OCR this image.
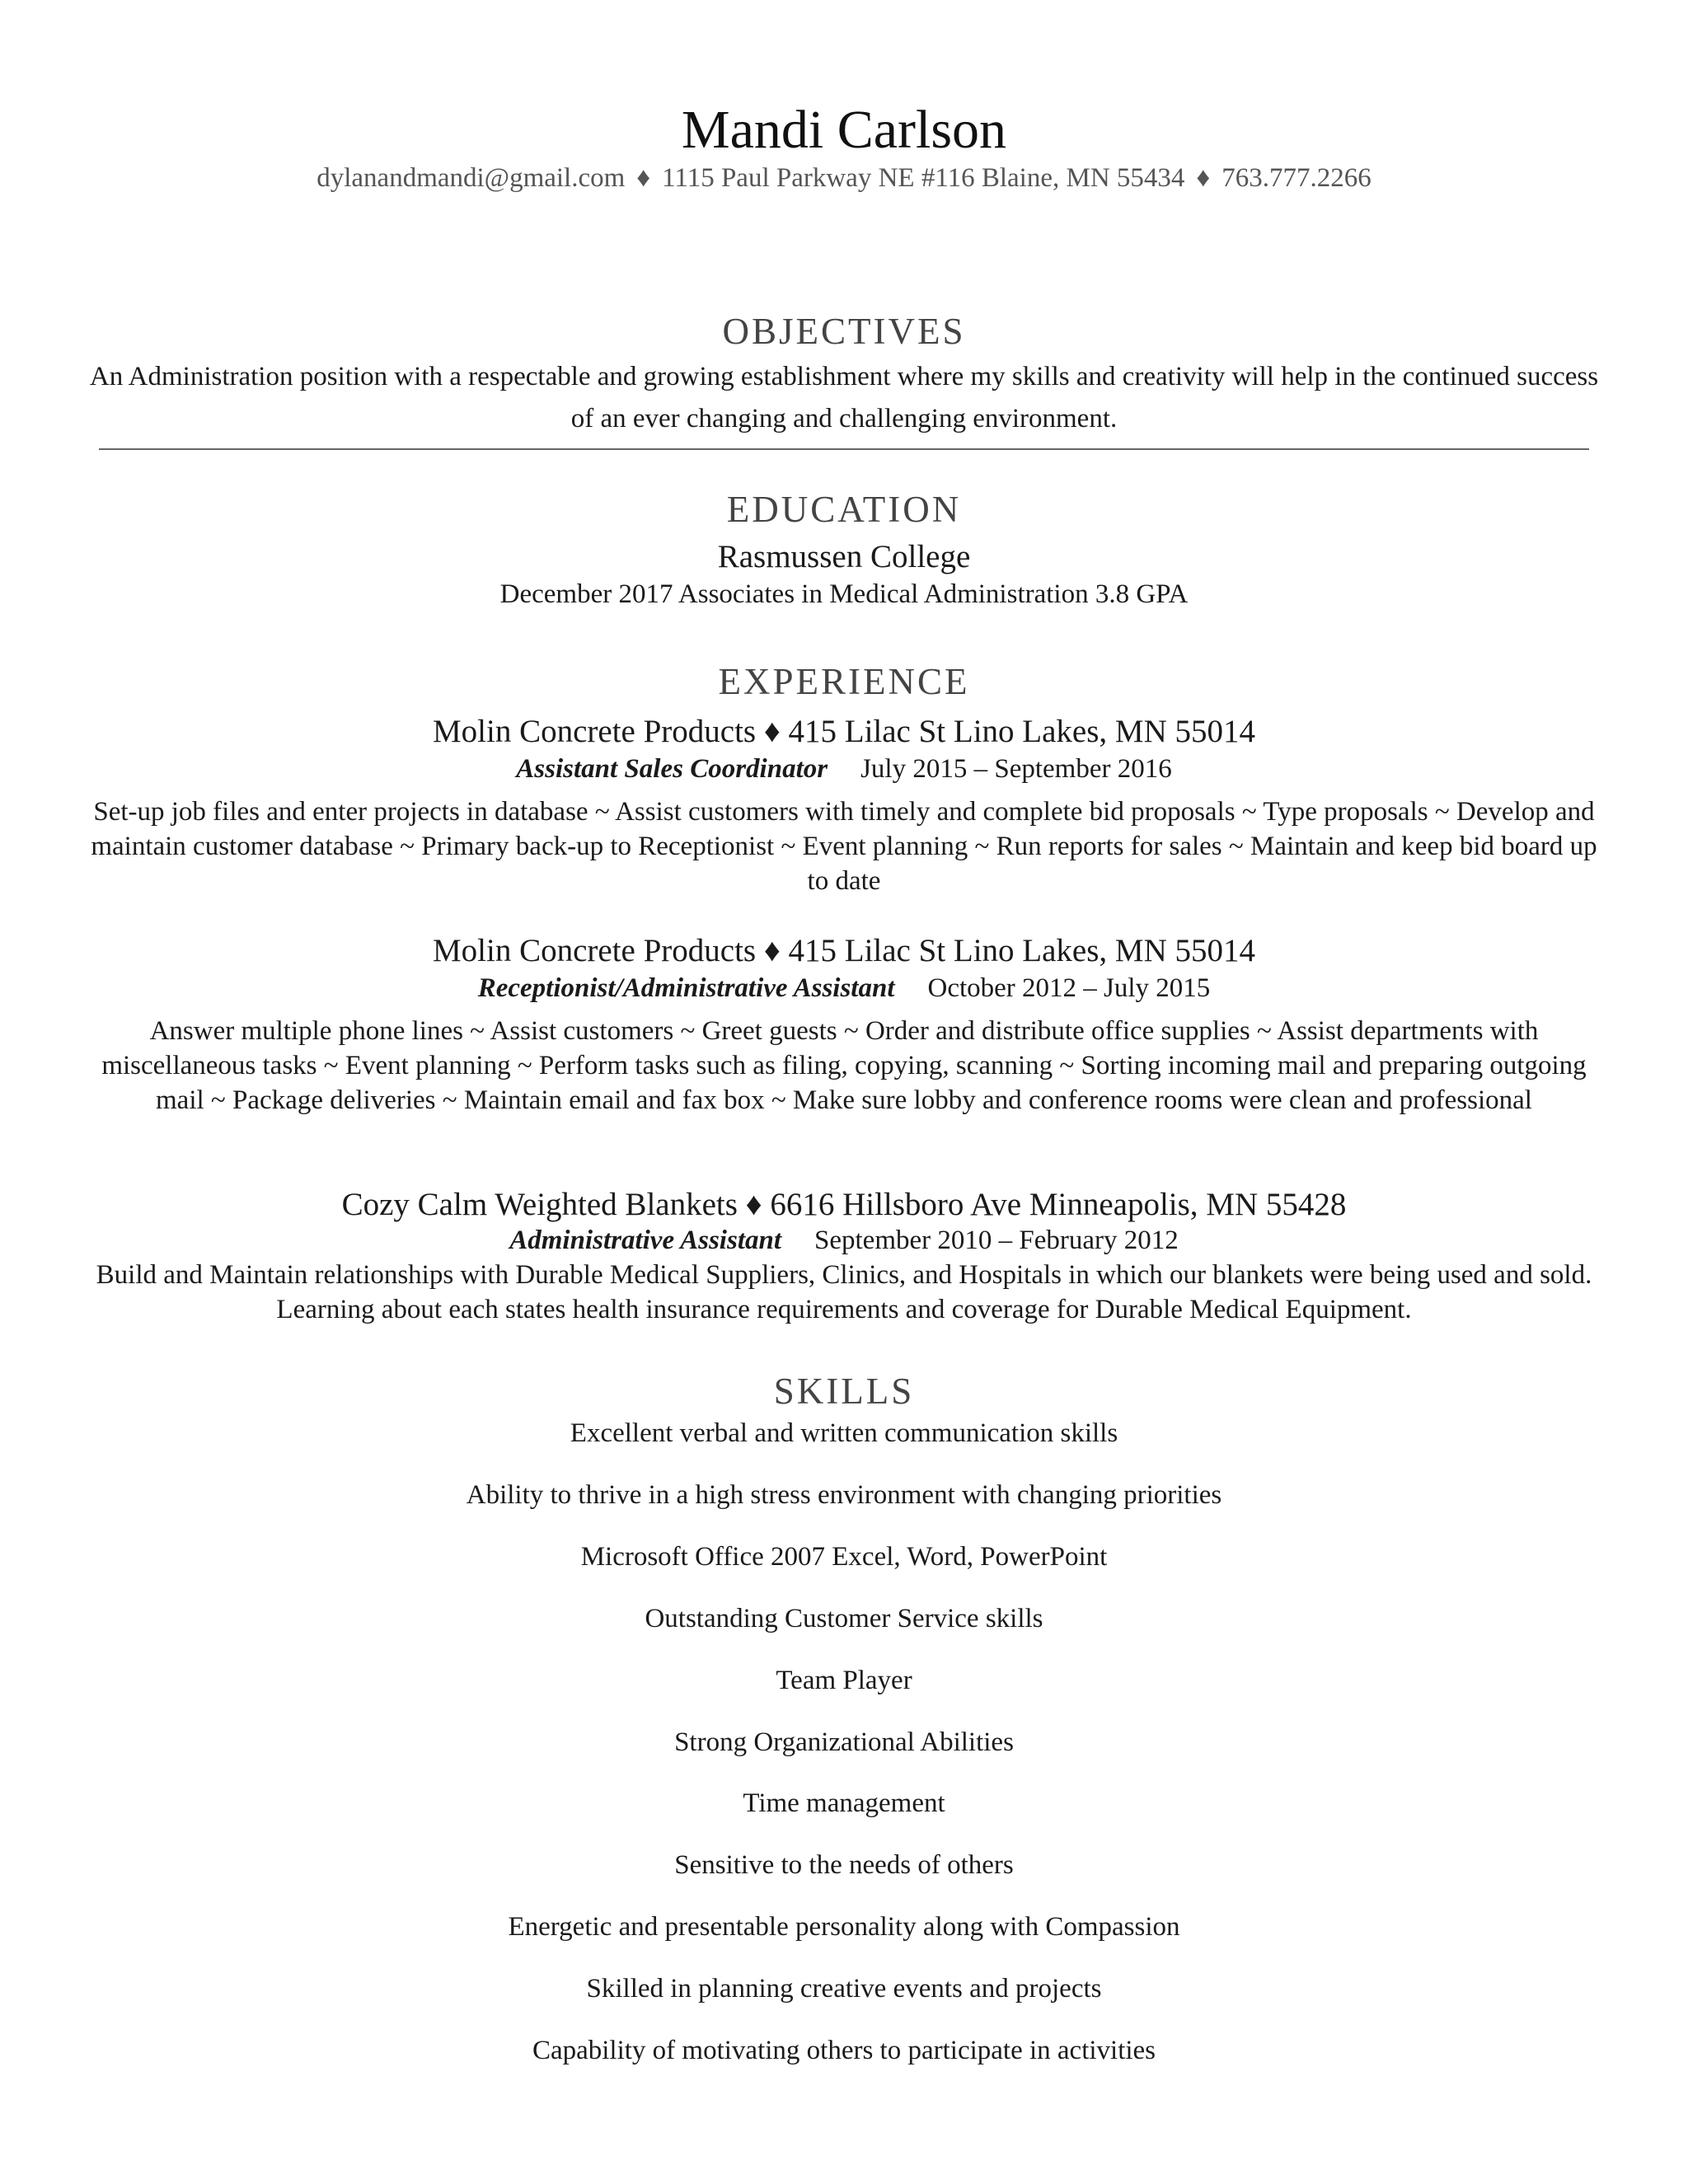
Mandi Carlson
dylanandmandi@gmail.com ♦ 1115 Paul Parkway NE #116 Blaine, MN 55434 ♦ 763.777.2266
OBJECTIVES
An Administration position with a respectable and growing establishment where my skills and creativity will help in the continued success of an ever changing and challenging environment.
EDUCATION
Rasmussen College
December 2017 Associates in Medical Administration 3.8 GPA
EXPERIENCE
Molin Concrete Products ♦ 415 Lilac St Lino Lakes, MN 55014
Assistant Sales Coordinator July 2015 – September 2016
Set-up job files and enter projects in database ~ Assist customers with timely and complete bid proposals ~ Type proposals ~ Develop and maintain customer database ~ Primary back-up to Receptionist ~ Event planning ~ Run reports for sales ~ Maintain and keep bid board up to date
Molin Concrete Products ♦ 415 Lilac St Lino Lakes, MN 55014
Receptionist/Administrative Assistant October 2012 – July 2015
Answer multiple phone lines ~ Assist customers ~ Greet guests ~ Order and distribute office supplies ~ Assist departments with miscellaneous tasks ~ Event planning ~ Perform tasks such as filing, copying, scanning ~ Sorting incoming mail and preparing outgoing mail ~ Package deliveries ~ Maintain email and fax box ~ Make sure lobby and conference rooms were clean and professional
Cozy Calm Weighted Blankets ♦ 6616 Hillsboro Ave Minneapolis, MN 55428
Administrative Assistant September 2010 – February 2012
Build and Maintain relationships with Durable Medical Suppliers, Clinics, and Hospitals in which our blankets were being used and sold. Learning about each states health insurance requirements and coverage for Durable Medical Equipment.
SKILLS
Excellent verbal and written communication skills
Ability to thrive in a high stress environment with changing priorities
Microsoft Office 2007 Excel, Word, PowerPoint
Outstanding Customer Service skills
Team Player
Strong Organizational Abilities
Time management
Sensitive to the needs of others
Energetic and presentable personality along with Compassion
Skilled in planning creative events and projects
Capability of motivating others to participate in activities
